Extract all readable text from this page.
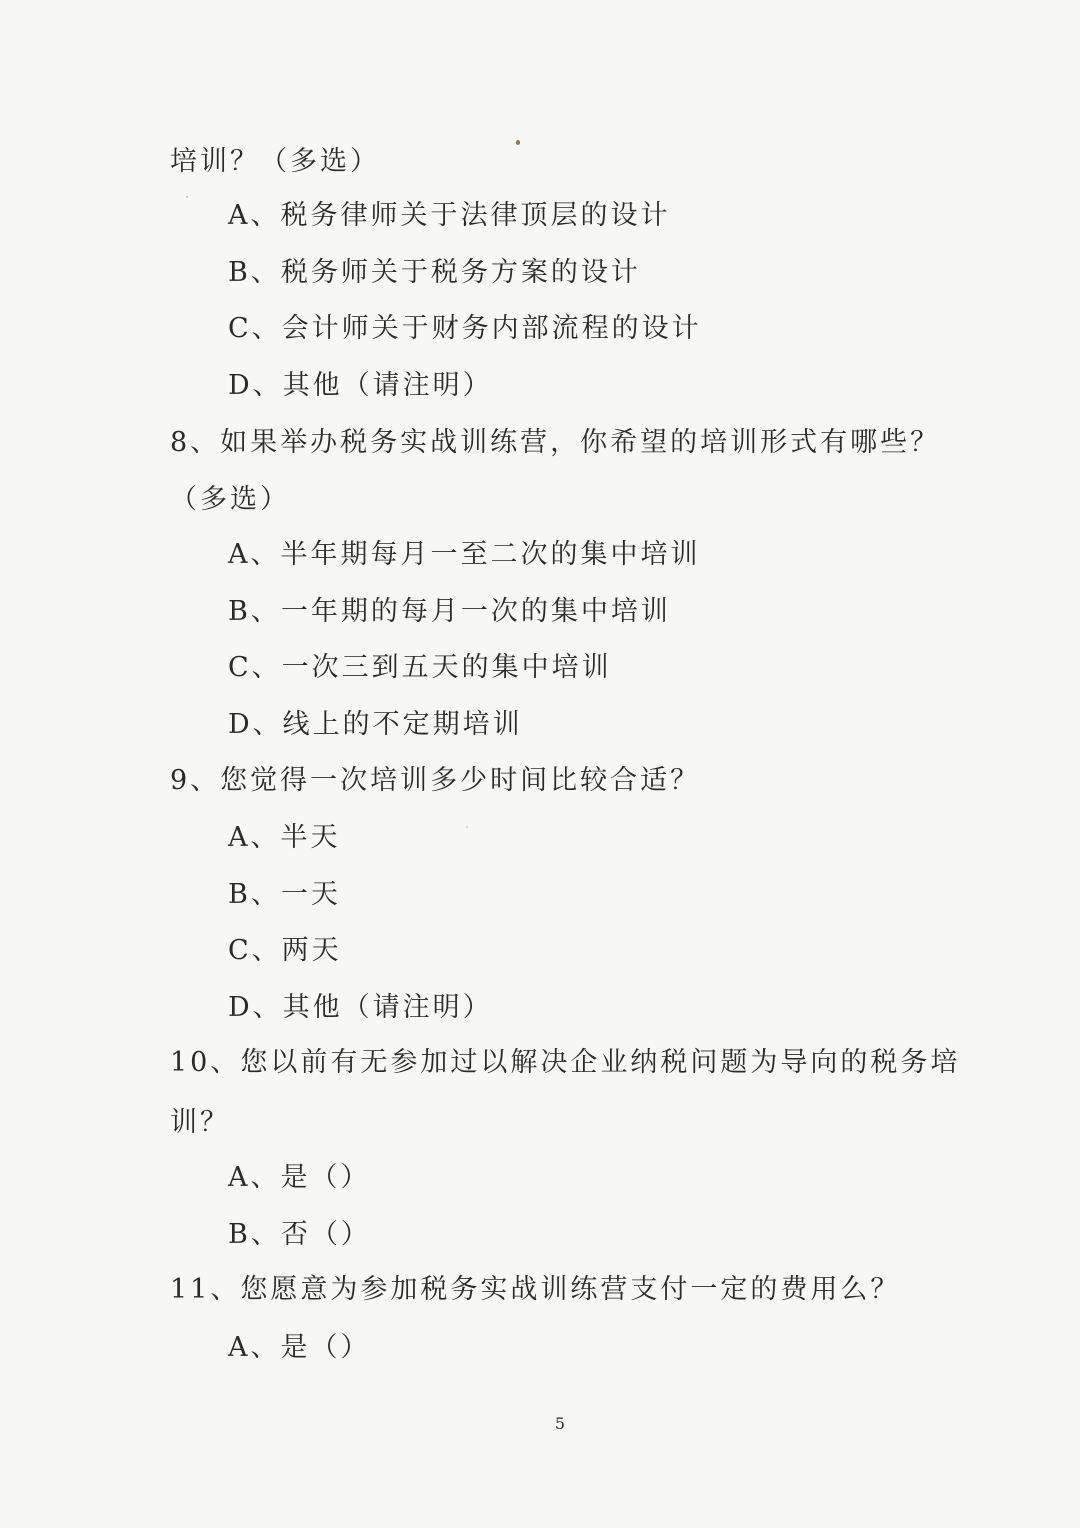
培训？（多选）
A、税务律师关于法律顶层的设计
B、税务师关于税务方案的设计
C、会计师关于财务内部流程的设计
D、其他（请注明）
8、如果举办税务实战训练营，你希望的培训形式有哪些？
（多选）
A、半年期每月一至二次的集中培训
B、一年期的每月一次的集中培训
C、一次三到五天的集中培训
D、线上的不定期培训
9、您觉得一次培训多少时间比较合适？
A、半天
B、一天
C、两天
D、其他（请注明）
10、您以前有无参加过以解决企业纳税问题为导向的税务培
训？
A、是（）
B、否（）
11、您愿意为参加税务实战训练营支付一定的费用么？
A、是（）
5
